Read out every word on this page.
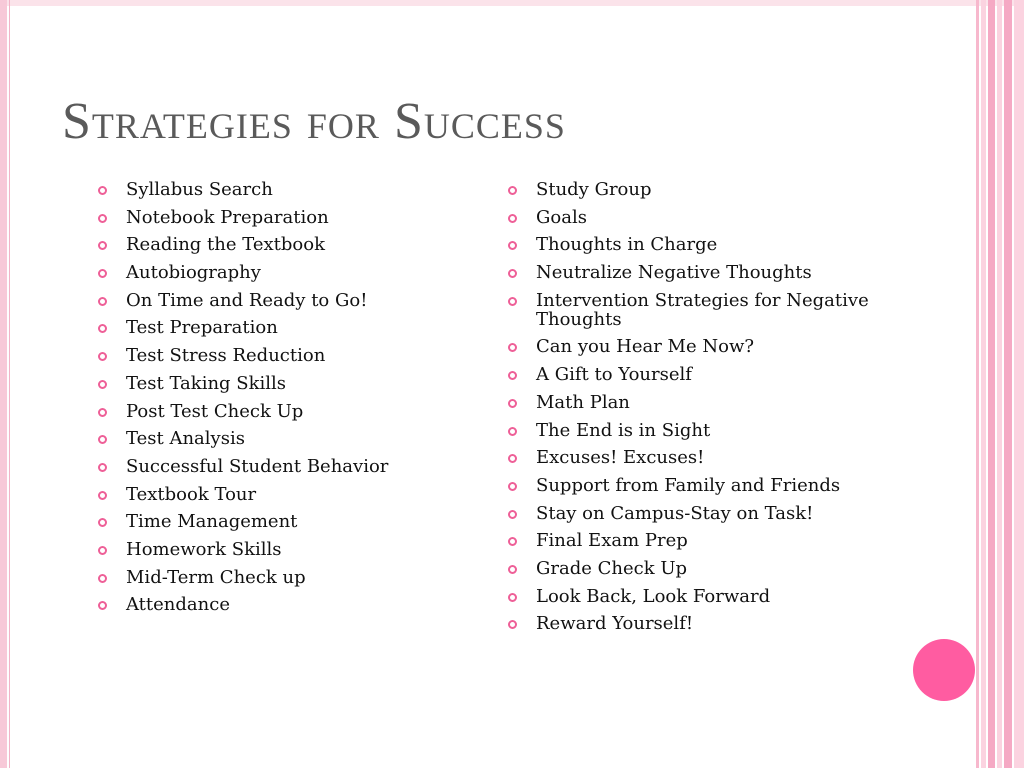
Strategies for Success
Syllabus Search
Notebook Preparation
Reading the Textbook
Autobiography
On Time and Ready to Go!
Test Preparation
Test Stress Reduction
Test Taking Skills
Post Test Check Up
Test Analysis
Successful Student Behavior
Textbook Tour
Time Management
Homework Skills
Mid-Term Check up
Attendance
Study Group
Goals
Thoughts in Charge
Neutralize Negative Thoughts
Intervention Strategies for Negative Thoughts
Can you Hear Me Now?
A Gift to Yourself
Math Plan
The End is in Sight
Excuses! Excuses!
Support from Family and Friends
Stay on Campus-Stay on Task!
Final Exam Prep
Grade Check Up
Look Back, Look Forward
Reward Yourself!
